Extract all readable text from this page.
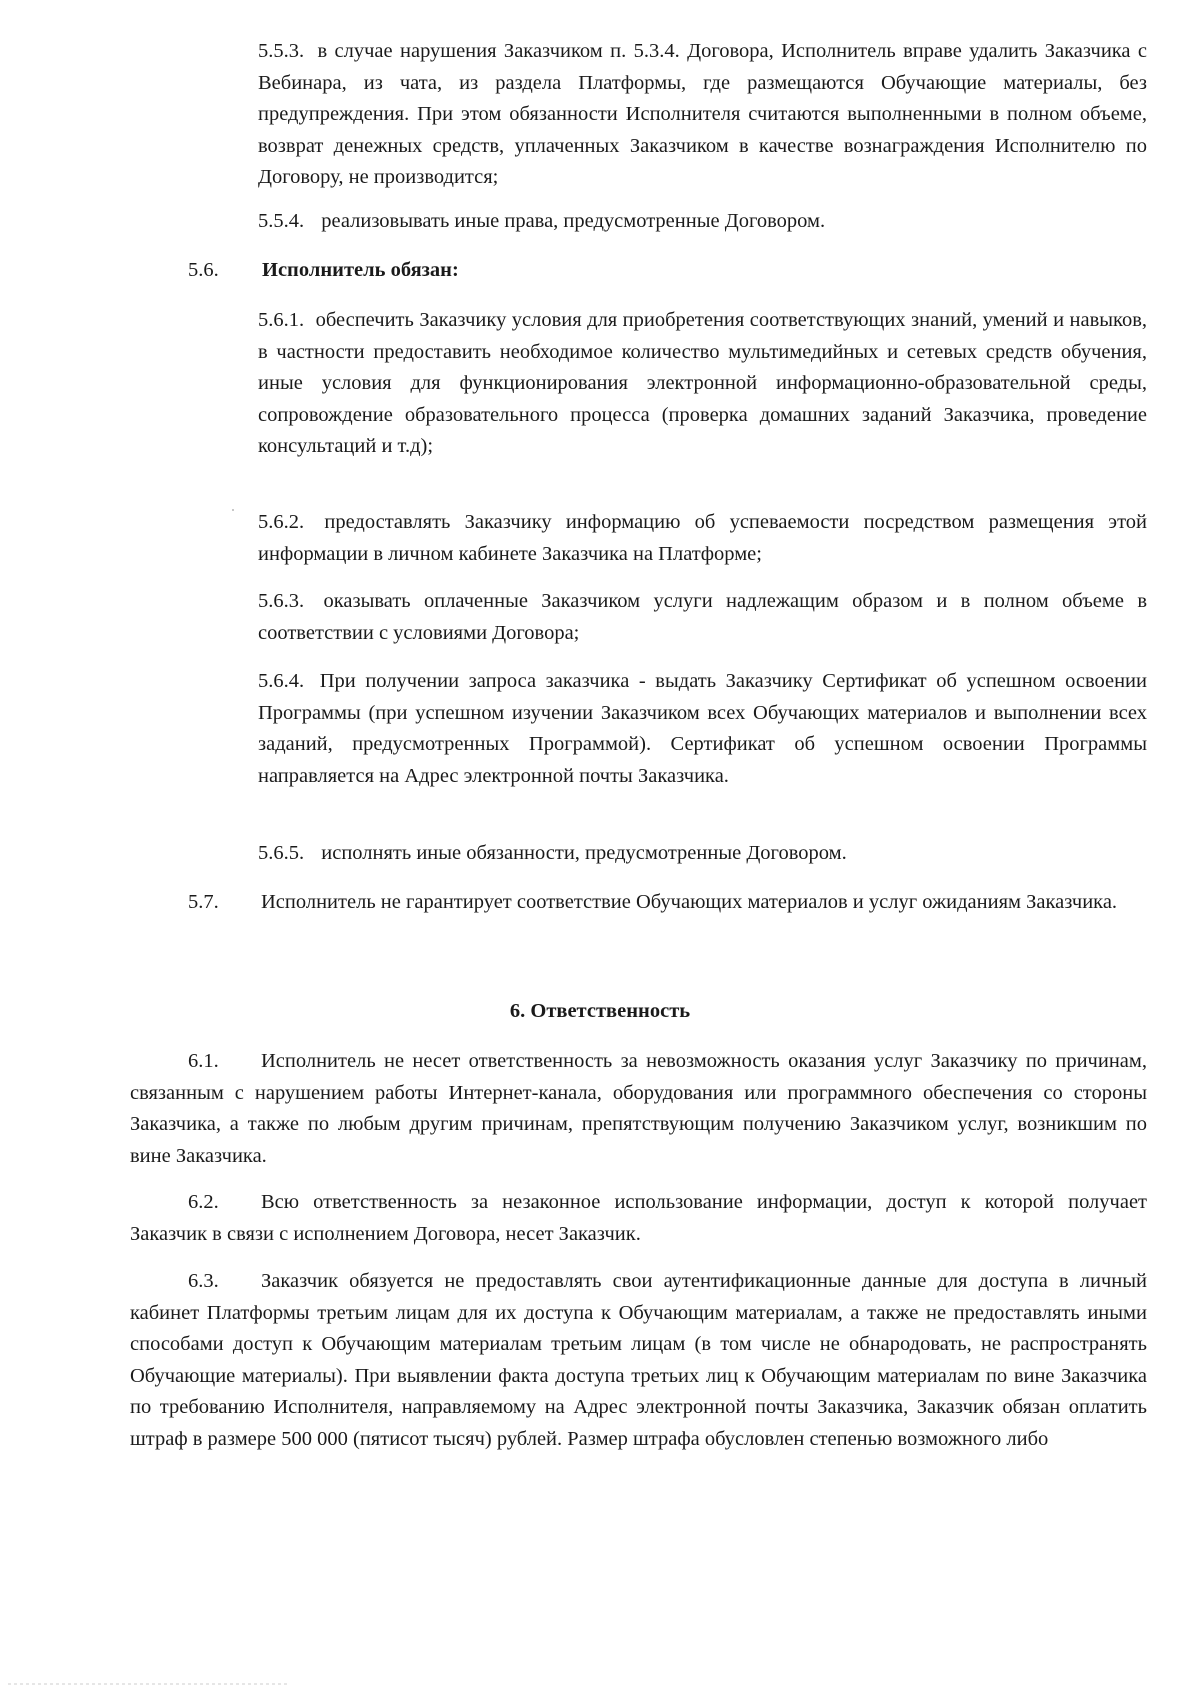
5.5.3. в случае нарушения Заказчиком п. 5.3.4. Договора, Исполнитель вправе удалить Заказчика с Вебинара, из чата, из раздела Платформы, где размещаются Обучающие материалы, без предупреждения. При этом обязанности Исполнителя считаются выполненными в полном объеме, возврат денежных средств, уплаченных Заказчиком в качестве вознаграждения Исполнителю по Договору, не производится;
5.5.4. реализовывать иные права, предусмотренные Договором.
5.6. Исполнитель обязан:
5.6.1. обеспечить Заказчику условия для приобретения соответствующих знаний, умений и навыков, в частности предоставить необходимое количество мультимедийных и сетевых средств обучения, иные условия для функционирования электронной информационно-образовательной среды, сопровождение образовательного процесса (проверка домашних заданий Заказчика, проведение консультаций и т.д);
5.6.2. предоставлять Заказчику информацию об успеваемости посредством размещения этой информации в личном кабинете Заказчика на Платформе;
5.6.3. оказывать оплаченные Заказчиком услуги надлежащим образом и в полном объеме в соответствии с условиями Договора;
5.6.4. При получении запроса заказчика - выдать Заказчику Сертификат об успешном освоении Программы (при успешном изучении Заказчиком всех Обучающих материалов и выполнении всех заданий, предусмотренных Программой). Сертификат об успешном освоении Программы направляется на Адрес электронной почты Заказчика.
5.6.5. исполнять иные обязанности, предусмотренные Договором.
5.7. Исполнитель не гарантирует соответствие Обучающих материалов и услуг ожиданиям Заказчика.
6. Ответственность
6.1. Исполнитель не несет ответственность за невозможность оказания услуг Заказчику по причинам, связанным с нарушением работы Интернет-канала, оборудования или программного обеспечения со стороны Заказчика, а также по любым другим причинам, препятствующим получению Заказчиком услуг, возникшим по вине Заказчика.
6.2. Всю ответственность за незаконное использование информации, доступ к которой получает Заказчик в связи с исполнением Договора, несет Заказчик.
6.3. Заказчик обязуется не предоставлять свои аутентификационные данные для доступа в личный кабинет Платформы третьим лицам для их доступа к Обучающим материалам, а также не предоставлять иными способами доступ к Обучающим материалам третьим лицам (в том числе не обнародовать, не распространять Обучающие материалы). При выявлении факта доступа третьих лиц к Обучающим материалам по вине Заказчика по требованию Исполнителя, направляемому на Адрес электронной почты Заказчика, Заказчик обязан оплатить штраф в размере 500 000 (пятисот тысяч) рублей. Размер штрафа обусловлен степенью возможного либо
